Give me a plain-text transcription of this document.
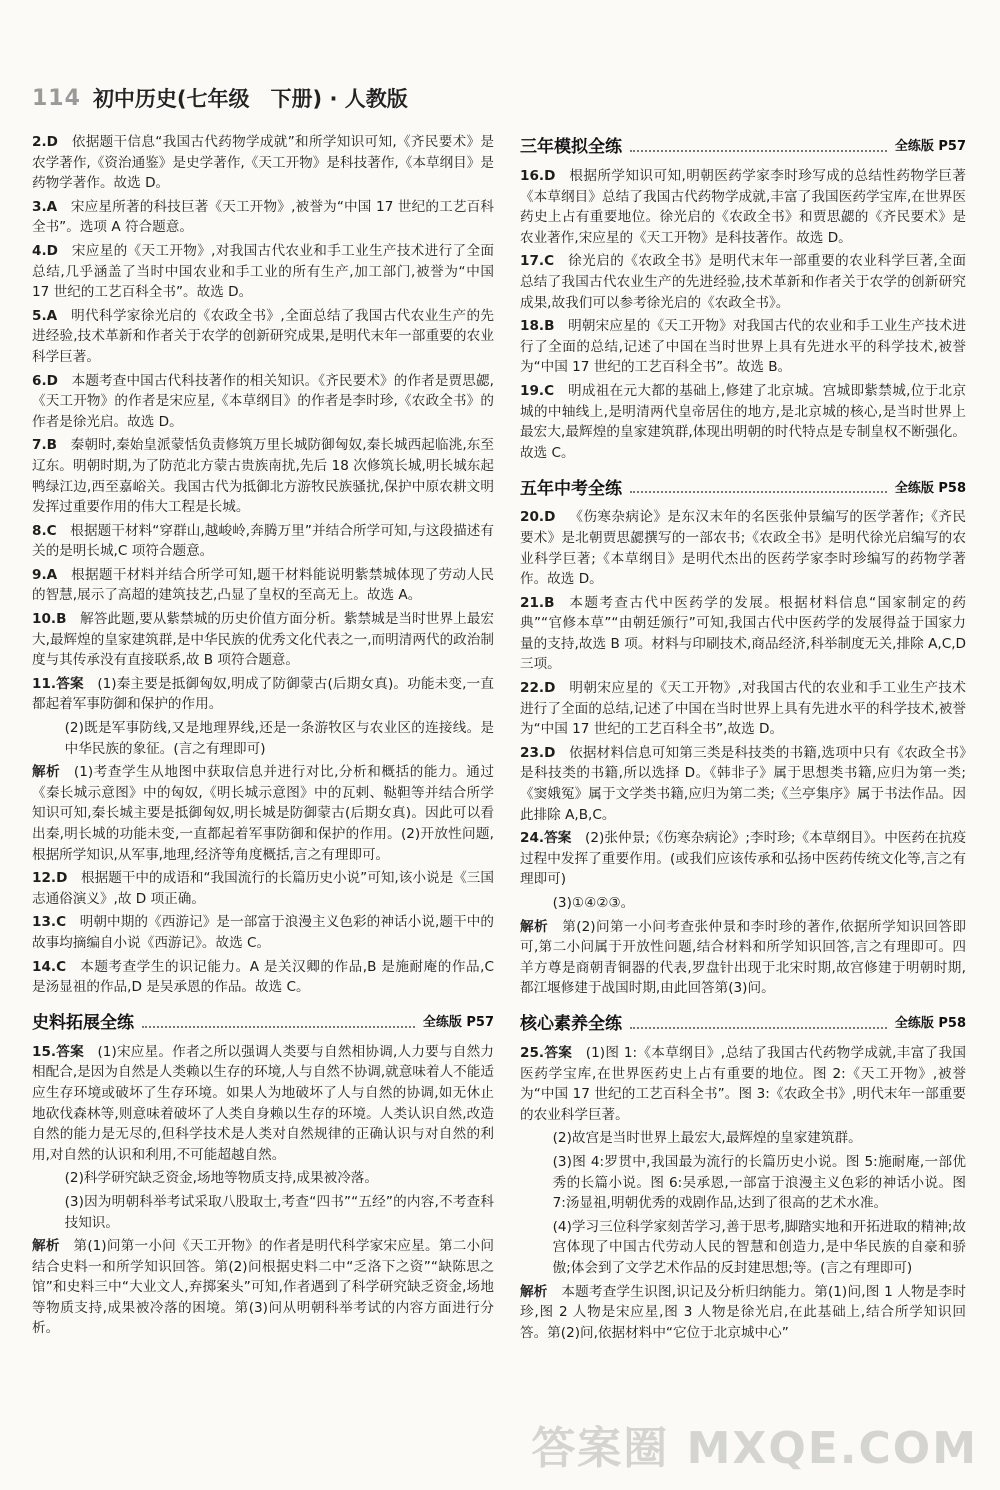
114 初中历史(七年级　下册) · 人教版
2.D  依据题干信息“我国古代药物学成就”和所学知识可知,《齐民要术》是农学著作,《资治通鉴》是史学著作,《天工开物》是科技著作,《本草纲目》是药物学著作。故选 D。
3.A  宋应星所著的科技巨著《天工开物》,被誉为“中国 17 世纪的工艺百科全书”。选项 A 符合题意。
4.D  宋应星的《天工开物》,对我国古代农业和手工业生产技术进行了全面总结,几乎涵盖了当时中国农业和手工业的所有生产,加工部门,被誉为“中国 17 世纪的工艺百科全书”。故选 D。
5.A  明代科学家徐光启的《农政全书》,全面总结了我国古代农业生产的先进经验,技术革新和作者关于农学的创新研究成果,是明代末年一部重要的农业科学巨著。
6.D  本题考查中国古代科技著作的相关知识。《齐民要术》的作者是贾思勰,《天工开物》的作者是宋应星,《本草纲目》的作者是李时珍,《农政全书》的作者是徐光启。故选 D。
7.B  秦朝时,秦始皇派蒙恬负责修筑万里长城防御匈奴,秦长城西起临洮,东至辽东。明朝时期,为了防范北方蒙古贵族南扰,先后 18 次修筑长城,明长城东起鸭绿江边,西至嘉峪关。我国古代为抵御北方游牧民族骚扰,保护中原农耕文明发挥过重要作用的伟大工程是长城。
8.C  根据题干材料“穿群山,越峻岭,奔腾万里”并结合所学可知,与这段描述有关的是明长城,C 项符合题意。
9.A  根据题干材料并结合所学可知,题干材料能说明紫禁城体现了劳动人民的智慧,展示了高超的建筑技艺,凸显了皇权的至高无上。故选 A。
10.B  解答此题,要从紫禁城的历史价值方面分析。紫禁城是当时世界上最宏大,最辉煌的皇家建筑群,是中华民族的优秀文化代表之一,而明清两代的政治制度与其传承没有直接联系,故 B 项符合题意。
11.答案  (1)秦主要是抵御匈奴,明成了防御蒙古(后期女真)。功能未变,一直都起着军事防御和保护的作用。
(2)既是军事防线,又是地理界线,还是一条游牧区与农业区的连接线。是中华民族的象征。(言之有理即可)
解析  (1)考查学生从地图中获取信息并进行对比,分析和概括的能力。通过《秦长城示意图》中的匈奴,《明长城示意图》中的瓦剌、鞑靼等并结合所学知识可知,秦长城主要是抵御匈奴,明长城是防御蒙古(后期女真)。因此可以看出秦,明长城的功能未变,一直都起着军事防御和保护的作用。(2)开放性问题,根据所学知识,从军事,地理,经济等角度概括,言之有理即可。
12.D  根据题干中的成语和“我国流行的长篇历史小说”可知,该小说是《三国志通俗演义》,故 D 项正确。
13.C  明朝中期的《西游记》是一部富于浪漫主义色彩的神话小说,题干中的故事均摘编自小说《西游记》。故选 C。
14.C  本题考查学生的识记能力。A 是关汉卿的作品,B 是施耐庵的作品,C 是汤显祖的作品,D 是吴承恩的作品。故选 C。
史料拓展全练	全练版 P57
15.答案  (1)宋应星。作者之所以强调人类要与自然相协调,人力要与自然力相配合,是因为自然是人类赖以生存的环境,人与自然不协调,就意味着人不能适应生存环境或破坏了生存环境。如果人为地破坏了人与自然的协调,如无休止地砍伐森林等,则意味着破坏了人类自身赖以生存的环境。人类认识自然,改造自然的能力是无尽的,但科学技术是人类对自然规律的正确认识与对自然的利用,对自然的认识和利用,不可能超越自然。
(2)科学研究缺乏资金,场地等物质支持,成果被冷落。
(3)因为明朝科举考试采取八股取士,考查“四书”“五经”的内容,不考查科技知识。
解析  第(1)问第一小问《天工开物》的作者是明代科学家宋应星。第二小问结合史料一和所学知识回答。第(2)问根据史料二中“乏洛下之资”“缺陈思之馆”和史料三中“大业文人,弃掷案头”可知,作者遇到了科学研究缺乏资金,场地等物质支持,成果被冷落的困境。第(3)问从明朝科举考试的内容方面进行分析。
三年模拟全练	全练版 P57
16.D  根据所学知识可知,明朝医药学家李时珍写成的总结性药物学巨著《本草纲目》总结了我国古代药物学成就,丰富了我国医药学宝库,在世界医药史上占有重要地位。徐光启的《农政全书》和贾思勰的《齐民要术》是农业著作,宋应星的《天工开物》是科技著作。故选 D。
17.C  徐光启的《农政全书》是明代末年一部重要的农业科学巨著,全面总结了我国古代农业生产的先进经验,技术革新和作者关于农学的创新研究成果,故我们可以参考徐光启的《农政全书》。
18.B  明朝宋应星的《天工开物》对我国古代的农业和手工业生产技术进行了全面的总结,记述了中国在当时世界上具有先进水平的科学技术,被誉为“中国 17 世纪的工艺百科全书”。故选 B。
19.C  明成祖在元大都的基础上,修建了北京城。宫城即紫禁城,位于北京城的中轴线上,是明清两代皇帝居住的地方,是北京城的核心,是当时世界上最宏大,最辉煌的皇家建筑群,体现出明朝的时代特点是专制皇权不断强化。故选 C。
五年中考全练	全练版 P58
20.D  《伤寒杂病论》是东汉末年的名医张仲景编写的医学著作;《齐民要术》是北朝贾思勰撰写的一部农书;《农政全书》是明代徐光启编写的农业科学巨著;《本草纲目》是明代杰出的医药学家李时珍编写的药物学著作。故选 D。
21.B  本题考查古代中医药学的发展。根据材料信息“国家制定的药典”“官修本草”“由朝廷颁行”可知,我国古代中医药学的发展得益于国家力量的支持,故选 B 项。材料与印刷技术,商品经济,科举制度无关,排除 A,C,D 三项。
22.D  明朝宋应星的《天工开物》,对我国古代的农业和手工业生产技术进行了全面的总结,记述了中国在当时世界上具有先进水平的科学技术,被誉为“中国 17 世纪的工艺百科全书”,故选 D。
23.D  依据材料信息可知第三类是科技类的书籍,选项中只有《农政全书》是科技类的书籍,所以选择 D。《韩非子》属于思想类书籍,应归为第一类;《窦娥冤》属于文学类书籍,应归为第二类;《兰亭集序》属于书法作品。因此排除 A,B,C。
24.答案  (2)张仲景;《伤寒杂病论》;李时珍;《本草纲目》。中医药在抗疫过程中发挥了重要作用。(或我们应该传承和弘扬中医药传统文化等,言之有理即可)
(3)①④②③。
解析  第(2)问第一小问考查张仲景和李时珍的著作,依据所学知识回答即可,第二小问属于开放性问题,结合材料和所学知识回答,言之有理即可。四羊方尊是商朝青铜器的代表,罗盘针出现于北宋时期,故宫修建于明朝时期,都江堰修建于战国时期,由此回答第(3)问。
核心素养全练	全练版 P58
25.答案  (1)图 1:《本草纲目》,总结了我国古代药物学成就,丰富了我国医药学宝库,在世界医药史上占有重要的地位。图 2:《天工开物》,被誉为“中国 17 世纪的工艺百科全书”。图 3:《农政全书》,明代末年一部重要的农业科学巨著。
(2)故宫是当时世界上最宏大,最辉煌的皇家建筑群。
(3)图 4:罗贯中,我国最为流行的长篇历史小说。图 5:施耐庵,一部优秀的长篇小说。图 6:吴承恩,一部富于浪漫主义色彩的神话小说。图 7:汤显祖,明朝优秀的戏剧作品,达到了很高的艺术水准。
(4)学习三位科学家刻苦学习,善于思考,脚踏实地和开拓进取的精神;故宫体现了中国古代劳动人民的智慧和创造力,是中华民族的自豪和骄傲;体会到了文学艺术作品的反封建思想;等。(言之有理即可)
解析  本题考查学生识图,识记及分析归纳能力。第(1)问,图 1 人物是李时珍,图 2 人物是宋应星,图 3 人物是徐光启,在此基础上,结合所学知识回答。第(2)问,依据材料中“它位于北京城中心”
答案圈 MXQE.COM
